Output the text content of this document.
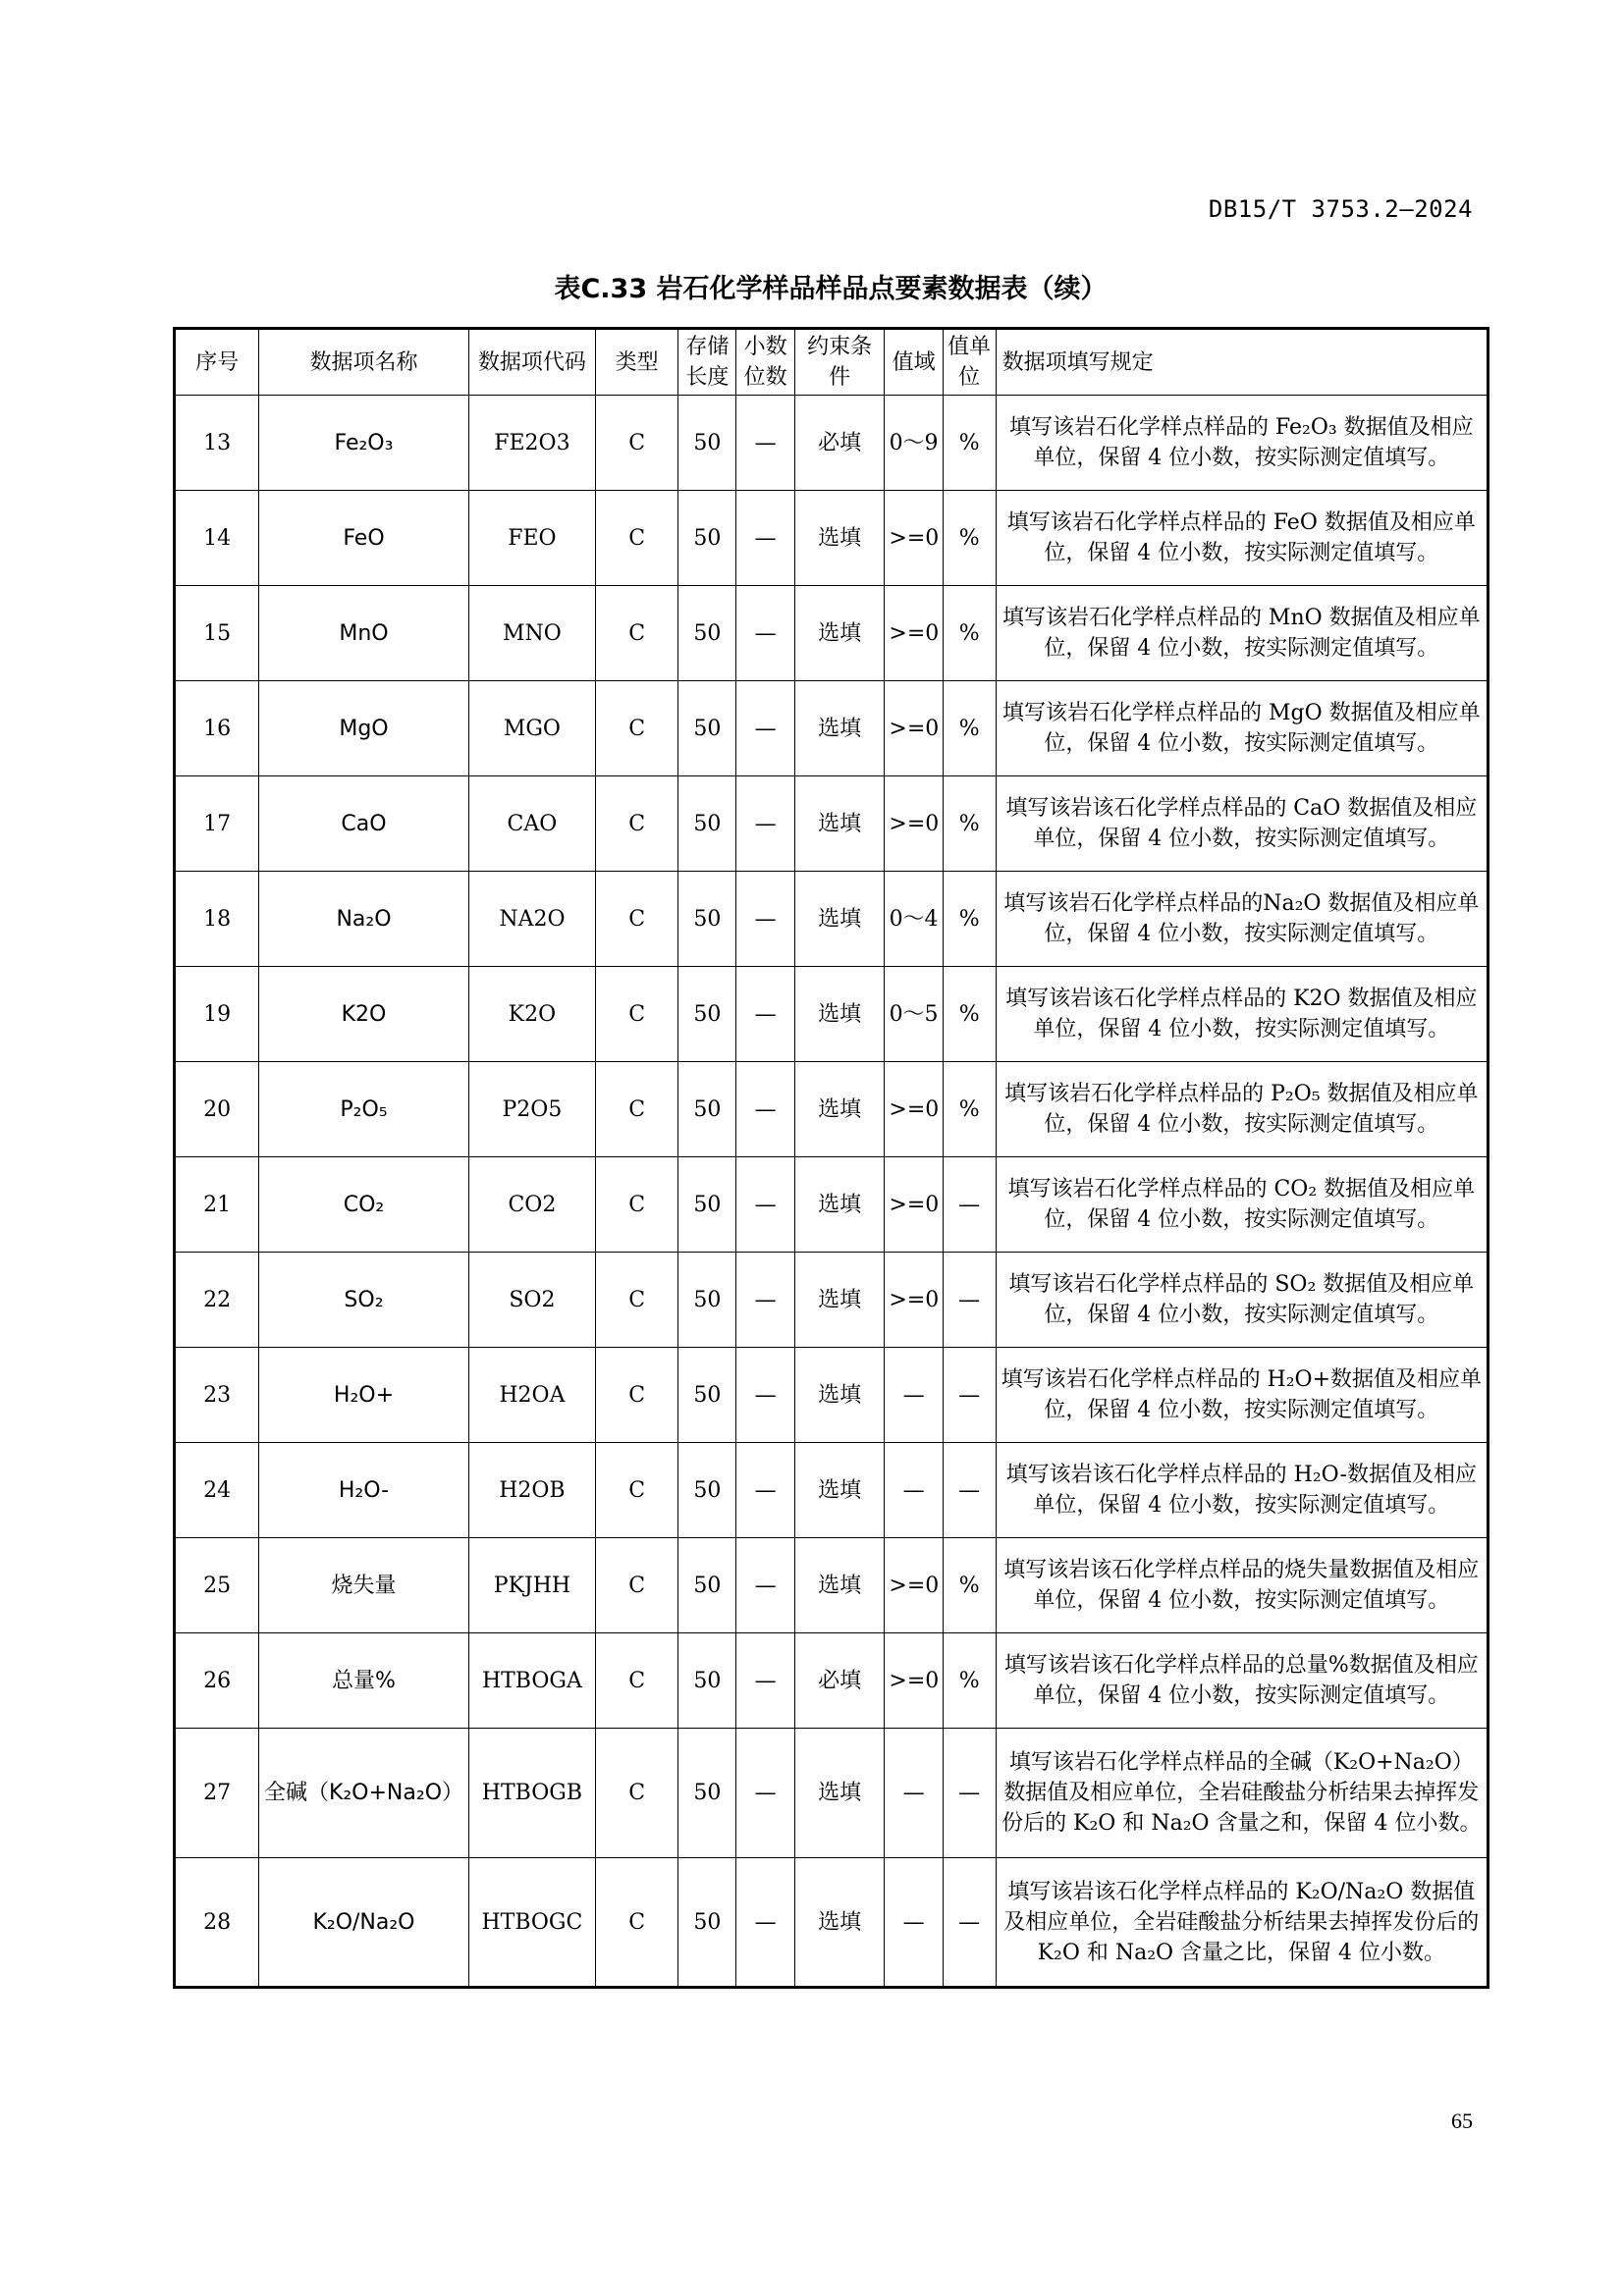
DB15/T 3753.2—2024
表C.33 岩石化学样品样品点要素数据表（续）
序号	数据项名称	数据项代码	类型	存储长度	小数位数	约束条件	值域	值单位	数据项填写规定
13	Fe₂O₃	FE2O3	C	50	—	必填	0～9	%	填写该岩石化学样点样品的 Fe₂O₃ 数据值及相应单位，保留 4 位小数，按实际测定值填写。
14	FeO	FEO	C	50	—	选填	>=0	%	填写该岩石化学样点样品的 FeO 数据值及相应单位，保留 4 位小数，按实际测定值填写。
15	MnO	MNO	C	50	—	选填	>=0	%	填写该岩石化学样点样品的 MnO 数据值及相应单位，保留 4 位小数，按实际测定值填写。
16	MgO	MGO	C	50	—	选填	>=0	%	填写该岩石化学样点样品的 MgO 数据值及相应单位，保留 4 位小数，按实际测定值填写。
17	CaO	CAO	C	50	—	选填	>=0	%	填写该岩该石化学样点样品的 CaO 数据值及相应单位，保留 4 位小数，按实际测定值填写。
18	Na₂O	NA2O	C	50	—	选填	0～4	%	填写该岩石化学样点样品的Na₂O 数据值及相应单位，保留 4 位小数，按实际测定值填写。
19	K2O	K2O	C	50	—	选填	0～5	%	填写该岩该石化学样点样品的 K2O 数据值及相应单位，保留 4 位小数，按实际测定值填写。
20	P₂O₅	P2O5	C	50	—	选填	>=0	%	填写该岩石化学样点样品的 P₂O₅ 数据值及相应单位，保留 4 位小数，按实际测定值填写。
21	CO₂	CO2	C	50	—	选填	>=0	—	填写该岩石化学样点样品的 CO₂ 数据值及相应单位，保留 4 位小数，按实际测定值填写。
22	SO₂	SO2	C	50	—	选填	>=0	—	填写该岩石化学样点样品的 SO₂ 数据值及相应单位，保留 4 位小数，按实际测定值填写。
23	H₂O+	H2OA	C	50	—	选填	—	—	填写该岩石化学样点样品的 H₂O+数据值及相应单位，保留 4 位小数，按实际测定值填写。
24	H₂O-	H2OB	C	50	—	选填	—	—	填写该岩该石化学样点样品的 H₂O-数据值及相应单位，保留 4 位小数，按实际测定值填写。
25	烧失量	PKJHH	C	50	—	选填	>=0	%	填写该岩该石化学样点样品的烧失量数据值及相应单位，保留 4 位小数，按实际测定值填写。
26	总量%	HTBOGA	C	50	—	必填	>=0	%	填写该岩该石化学样点样品的总量%数据值及相应单位，保留 4 位小数，按实际测定值填写。
27	全碱（K₂O+Na₂O）	HTBOGB	C	50	—	选填	—	—	填写该岩石化学样点样品的全碱（K₂O+Na₂O）数据值及相应单位，全岩硅酸盐分析结果去掉挥发份后的 K₂O 和 Na₂O 含量之和，保留 4 位小数。
28	K₂O/Na₂O	HTBOGC	C	50	—	选填	—	—	填写该岩该石化学样点样品的 K₂O/Na₂O 数据值及相应单位，全岩硅酸盐分析结果去掉挥发份后的 K₂O 和 Na₂O 含量之比，保留 4 位小数。
65
